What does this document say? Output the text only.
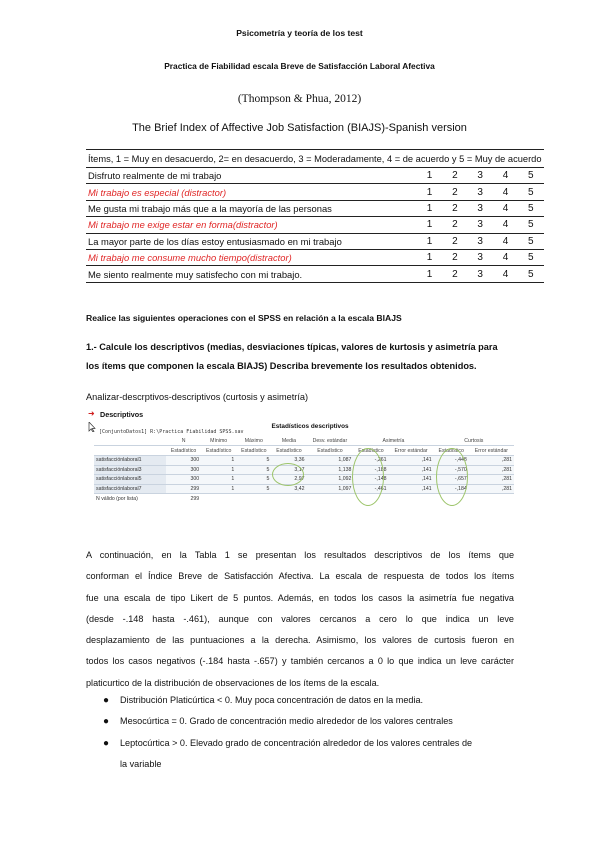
Psicometría y teoría de los test
Practica de Fiabilidad escala Breve de Satisfacción Laboral Afectiva
(Thompson & Phua, 2012)
The Brief Index of Affective Job Satisfaction (BIAJS)-Spanish version
Ítems, 1 = Muy en desacuerdo, 2= en desacuerdo, 3 = Moderadamente, 4 = de acuerdo y 5 = Muy de acuerdo					
Disfruto realmente de mi trabajo	1	2	3	4	5
Mi trabajo es especial (distractor)	1	2	3	4	5
Me gusta mi trabajo más que a la mayoría de las personas	1	2	3	4	5
Mi trabajo me exige estar en forma(distractor)	1	2	3	4	5
La mayor parte de los días estoy entusiasmado en mi trabajo	1	2	3	4	5
Mi trabajo me consume mucho tiempo(distractor)	1	2	3	4	5
Me siento realmente muy satisfecho con mi trabajo.	1	2	3	4	5
Realice las siguientes operaciones con el SPSS en relación a la escala BIAJS
1.- Calcule los descriptivos (medias, desviaciones típicas, valores de kurtosis y asimetría para
los ítems que componen la escala BIAJS) Describa brevemente los resultados obtenidos.
Analizar-descrptivos-descriptivos (curtosis y asimetría)
➜ Descriptivos
[ConjuntoDatos1] R:\Practica Fiabilidad SPSS.sav
Estadísticos descriptivos
	N	Mínimo	Máximo	Media	Desv. estándar	Asimetría		Curtosis	
	Estadístico	Estadístico	Estadístico	Estadístico	Estadístico	Estadístico	Error estándar	Estadístico	Error estándar
satisfacciónlaboral1	300	1	5	3,36	1,087	-,261	,141	-,448	,281
satisfacciónlaboral3	300	1	5	3,17	1,138	-,188	,141	-,570	,281
satisfacciónlaboral5	300	1	5	2,97	1,092	-,148	,141	-,657	,281
satisfacciónlaboral7	299	1	5	3,42	1,097	-,461	,141	-,184	,281
N válido (por lista)	299								
A continuación, en la Tabla 1 se presentan los resultados descriptivos de los ítems que
conforman el Índice Breve de Satisfacción Afectiva. La escala de respuesta de todos los ítems
fue una escala de tipo Likert de 5 puntos. Además, en todos los casos la asimetría fue negativa
(desde -.148 hasta -.461), aunque con valores cercanos a cero lo que indica un leve
desplazamiento de las puntuaciones a la derecha. Asimismo, los valores de curtosis fueron en
todos los casos negativos (-.184 hasta -.657) y también cercanos a 0 lo que indica un leve carácter
platicurtico de la distribución de observaciones de los ítems de la escala.
● Distribución Platicúrtica < 0. Muy poca concentración de datos en la media.
● Mesocúrtica = 0. Grado de concentración medio alrededor de los valores centrales
● Leptocúrtica > 0. Elevado grado de concentración alrededor de los valores centrales de
la variable
